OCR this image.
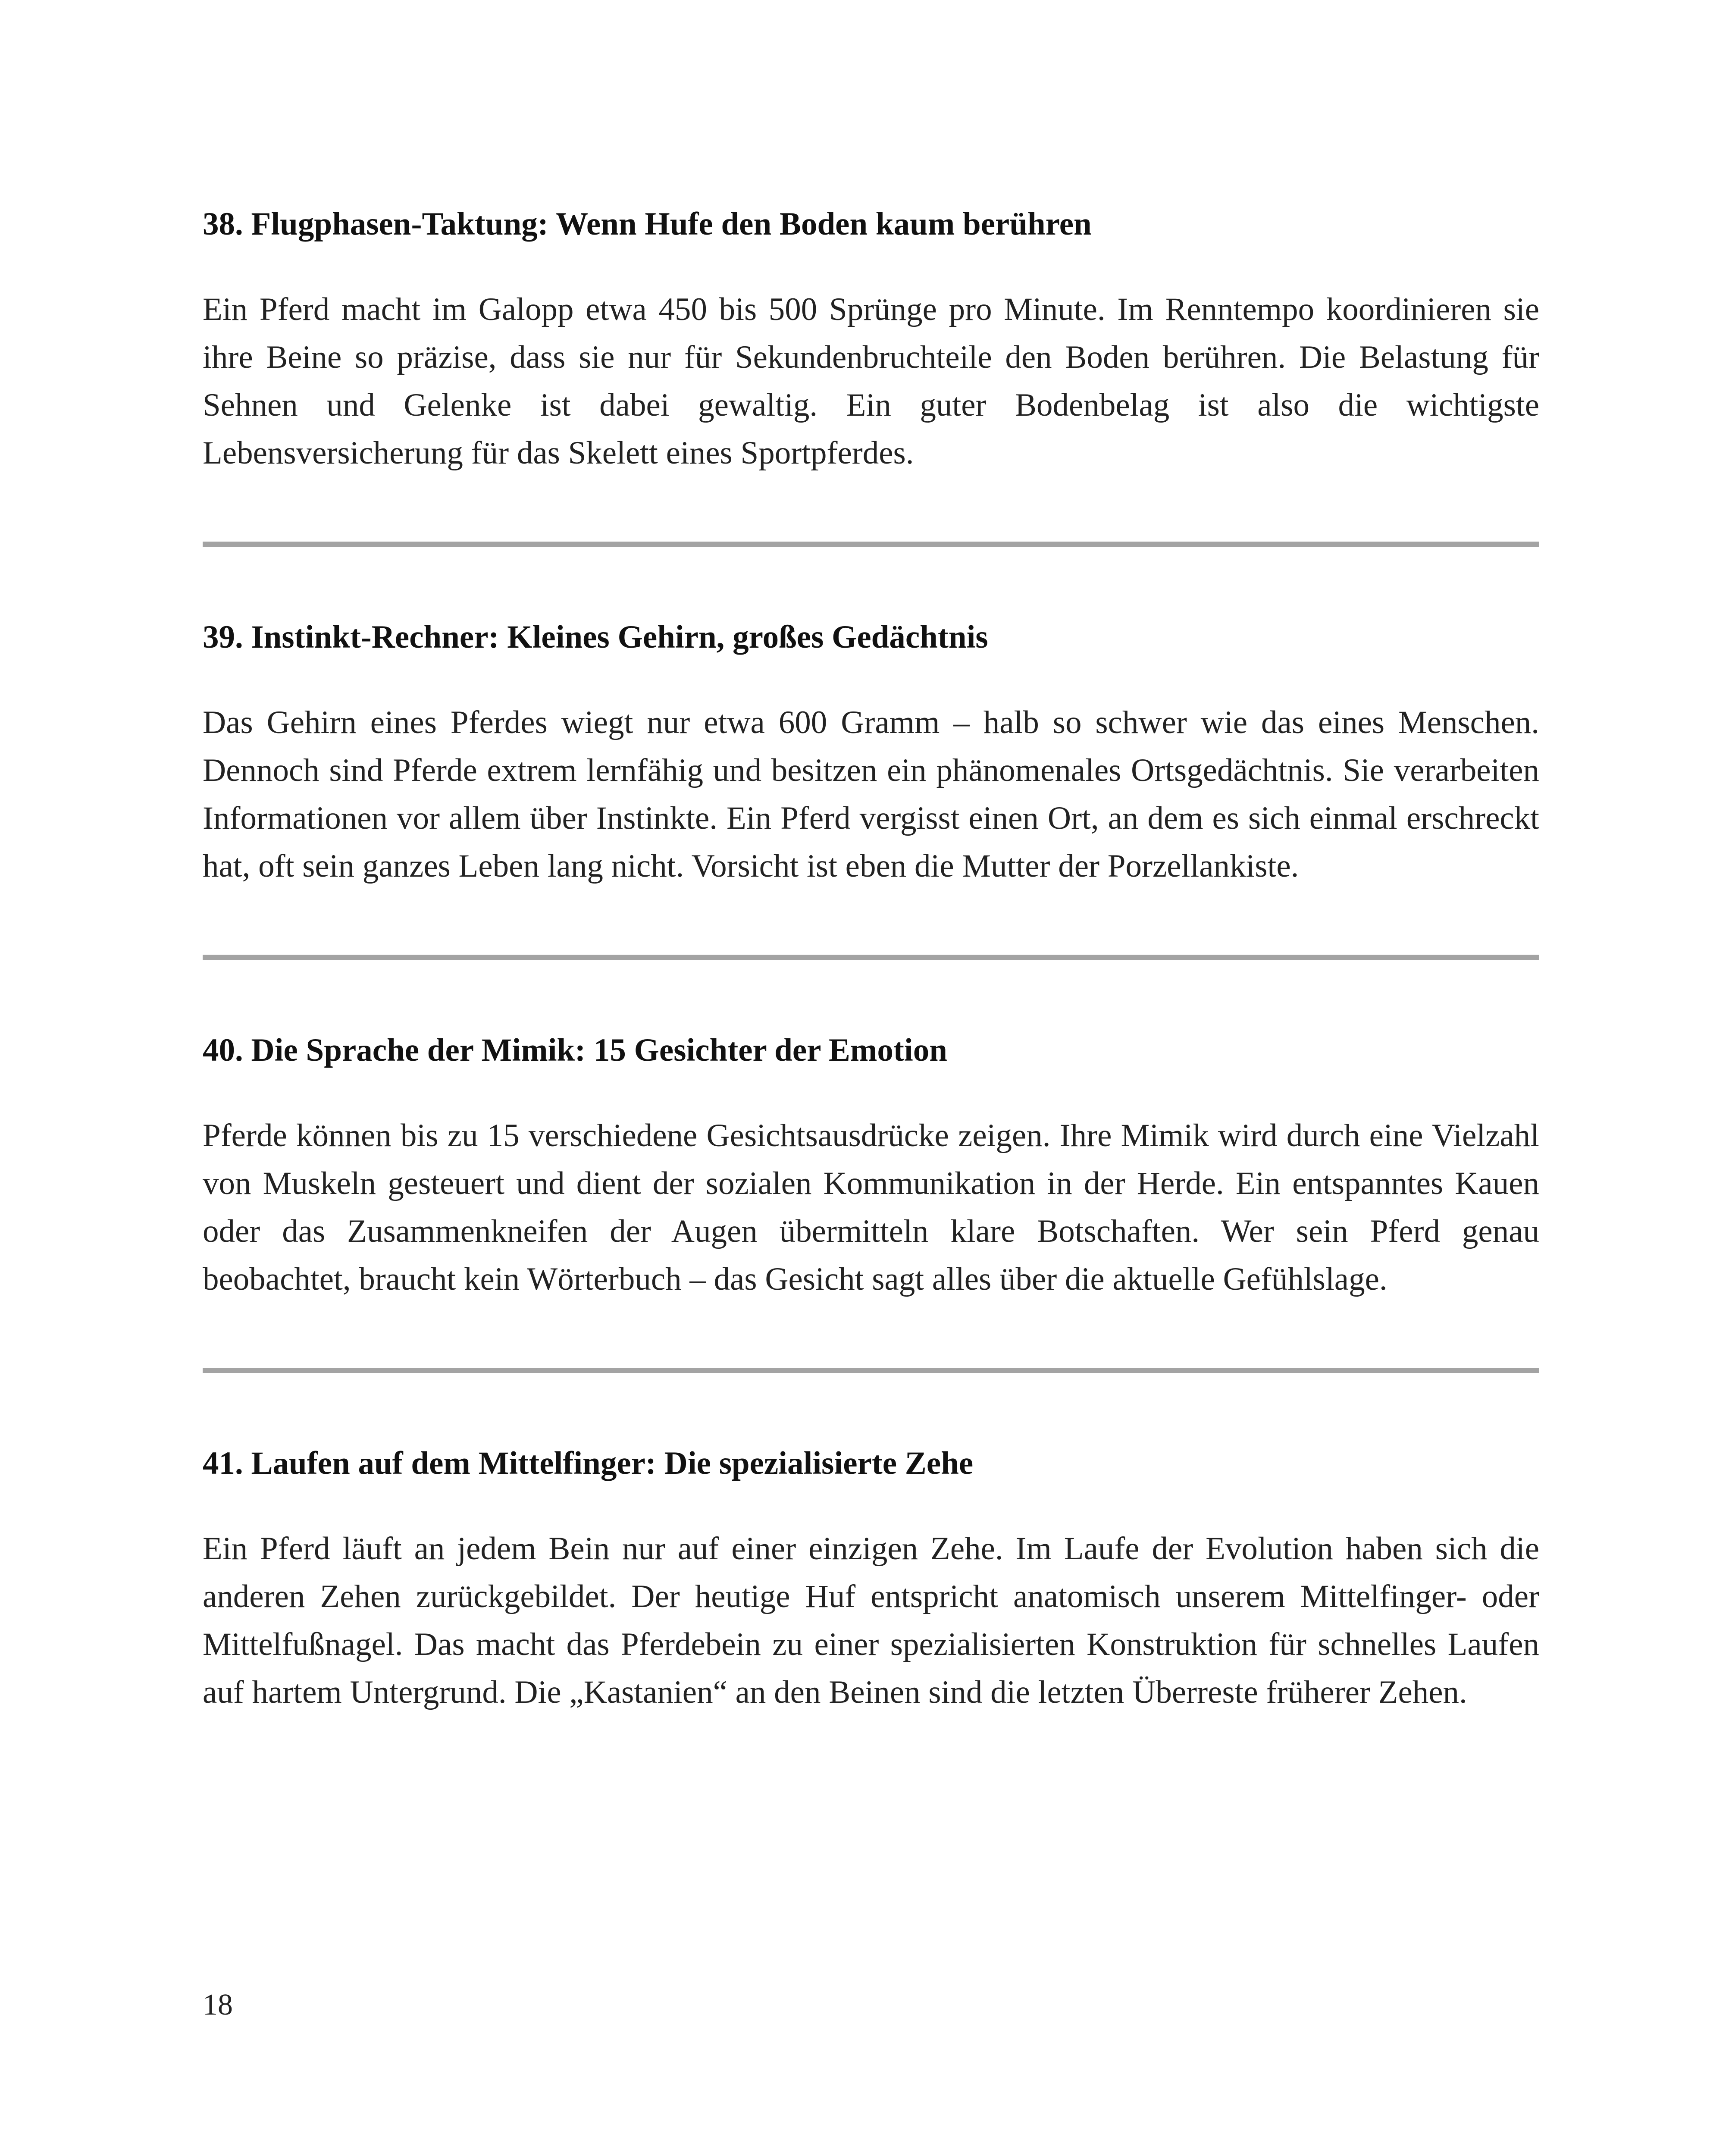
38. Flugphasen-Taktung: Wenn Hufe den Boden kaum berühren

Ein Pferd macht im Galopp etwa 450 bis 500 Sprünge pro Minute. Im Renntempo koordinieren sie ihre Beine so präzise, dass sie nur für Sekundenbruchteile den Boden berühren. Die Belastung für Sehnen und Gelenke ist dabei gewaltig. Ein guter Bodenbelag ist also die wichtigste Lebensversicherung für das Skelett eines Sportpferdes.

39. Instinkt-Rechner: Kleines Gehirn, großes Gedächtnis

Das Gehirn eines Pferdes wiegt nur etwa 600 Gramm – halb so schwer wie das eines Menschen. Dennoch sind Pferde extrem lernfähig und besitzen ein phänomenales Ortsgedächtnis. Sie verarbeiten Informationen vor allem über Instinkte. Ein Pferd vergisst einen Ort, an dem es sich einmal erschreckt hat, oft sein ganzes Leben lang nicht. Vorsicht ist eben die Mutter der Porzellankiste.

40. Die Sprache der Mimik: 15 Gesichter der Emotion

Pferde können bis zu 15 verschiedene Gesichtsausdrücke zeigen. Ihre Mimik wird durch eine Vielzahl von Muskeln gesteuert und dient der sozialen Kommunikation in der Herde. Ein entspanntes Kauen oder das Zusammenkneifen der Augen übermitteln klare Botschaften. Wer sein Pferd genau beobachtet, braucht kein Wörterbuch – das Gesicht sagt alles über die aktuelle Gefühlslage.

41. Laufen auf dem Mittelfinger: Die spezialisierte Zehe

Ein Pferd läuft an jedem Bein nur auf einer einzigen Zehe. Im Laufe der Evolution haben sich die anderen Zehen zurückgebildet. Der heutige Huf entspricht anatomisch unserem Mittelfinger- oder Mittelfußnagel. Das macht das Pferdebein zu einer spezialisierten Konstruktion für schnelles Laufen auf hartem Untergrund. Die „Kastanien“ an den Beinen sind die letzten Überreste früherer Zehen.

18
